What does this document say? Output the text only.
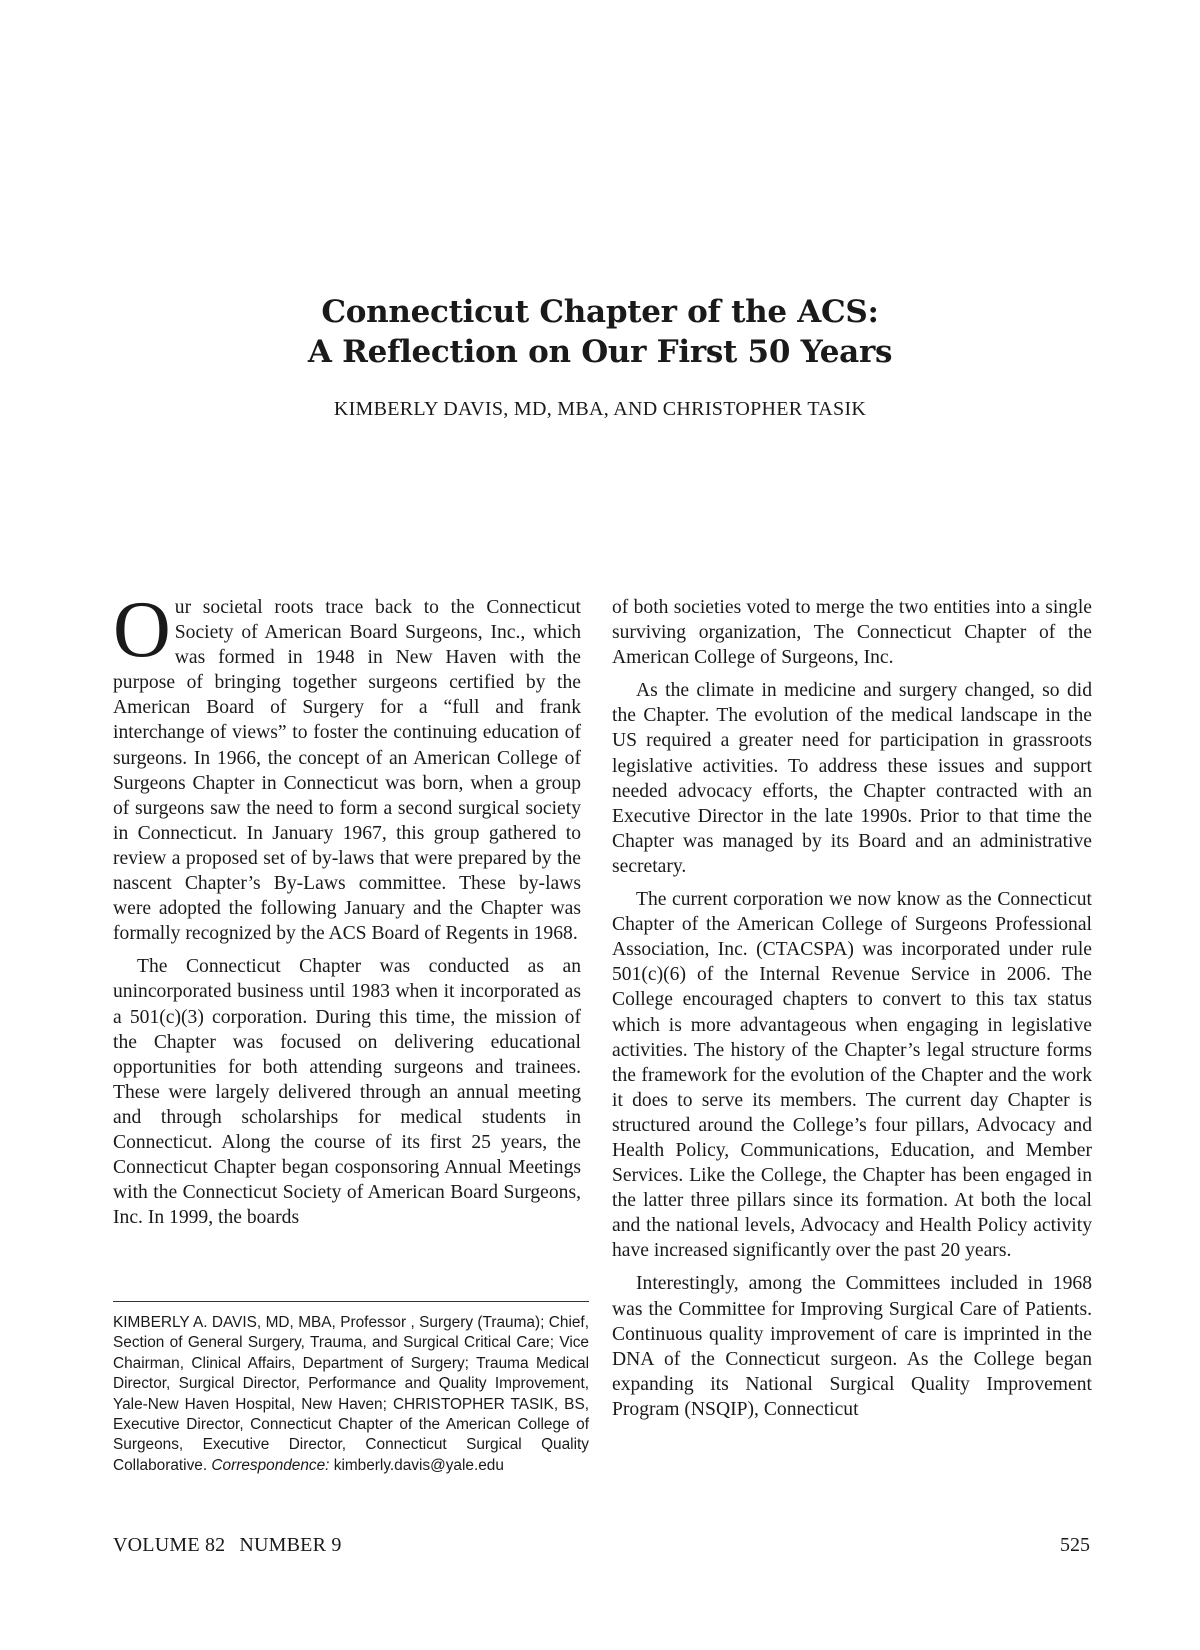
Connecticut Chapter of the ACS:
A Reflection on Our First 50 Years
KIMBERLY DAVIS, MD, MBA, AND CHRISTOPHER TASIK

Our societal roots trace back to the Connecticut Society of American Board Surgeons, Inc., which was formed in 1948 in New Haven with the purpose of bringing together surgeons certified by the American Board of Surgery for a “full and frank interchange of views” to foster the continuing education of surgeons. In 1966, the concept of an American College of Surgeons Chapter in Connecticut was born, when a group of surgeons saw the need to form a second surgical society in Connecticut. In January 1967, this group gathered to review a proposed set of by-laws that were prepared by the nascent Chapter’s By-Laws committee. These by-laws were adopted the following January and the Chapter was formally recognized by the ACS Board of Regents in 1968.

The Connecticut Chapter was conducted as an unincorporated business until 1983 when it incorporated as a 501(c)(3) corporation. During this time, the mission of the Chapter was focused on delivering educational opportunities for both attending surgeons and trainees. These were largely delivered through an annual meeting and through scholarships for medical students in Connecticut. Along the course of its first 25 years, the Connecticut Chapter began cosponsoring Annual Meetings with the Connecticut Society of American Board Surgeons, Inc. In 1999, the boards

of both societies voted to merge the two entities into a single surviving organization, The Connecticut Chapter of the American College of Surgeons, Inc.

As the climate in medicine and surgery changed, so did the Chapter. The evolution of the medical landscape in the US required a greater need for participation in grassroots legislative activities. To address these issues and support needed advocacy efforts, the Chapter contracted with an Executive Director in the late 1990s. Prior to that time the Chapter was managed by its Board and an administrative secretary.

The current corporation we now know as the Connecticut Chapter of the American College of Surgeons Professional Association, Inc. (CTACSPA) was incorporated under rule 501(c)(6) of the Internal Revenue Service in 2006. The College encouraged chapters to convert to this tax status which is more advantageous when engaging in legislative activities. The history of the Chapter’s legal structure forms the framework for the evolution of the Chapter and the work it does to serve its members. The current day Chapter is structured around the College’s four pillars, Advocacy and Health Policy, Communications, Education, and Member Services. Like the College, the Chapter has been engaged in the latter three pillars since its formation. At both the local and the national levels, Advocacy and Health Policy activity have increased significantly over the past 20 years.

Interestingly, among the Committees included in 1968 was the Committee for Improving Surgical Care of Patients. Continuous quality improvement of care is imprinted in the DNA of the Connecticut surgeon. As the College began expanding its National Surgical Quality Improvement Program (NSQIP), Connecticut

KIMBERLY A. DAVIS, MD, MBA, Professor , Surgery (Trauma); Chief, Section of General Surgery, Trauma, and Surgical Critical Care; Vice Chairman, Clinical Affairs, Department of Surgery; Trauma Medical Director, Surgical Director, Performance and Quality Improvement, Yale-New Haven Hospital, New Haven; CHRISTOPHER TASIK, BS, Executive Director, Connecticut Chapter of the American College of Surgeons, Executive Director, Connecticut Surgical Quality Collaborative. Correspondence: kimberly.davis@yale.edu

VOLUME 82 NUMBER 9	525
